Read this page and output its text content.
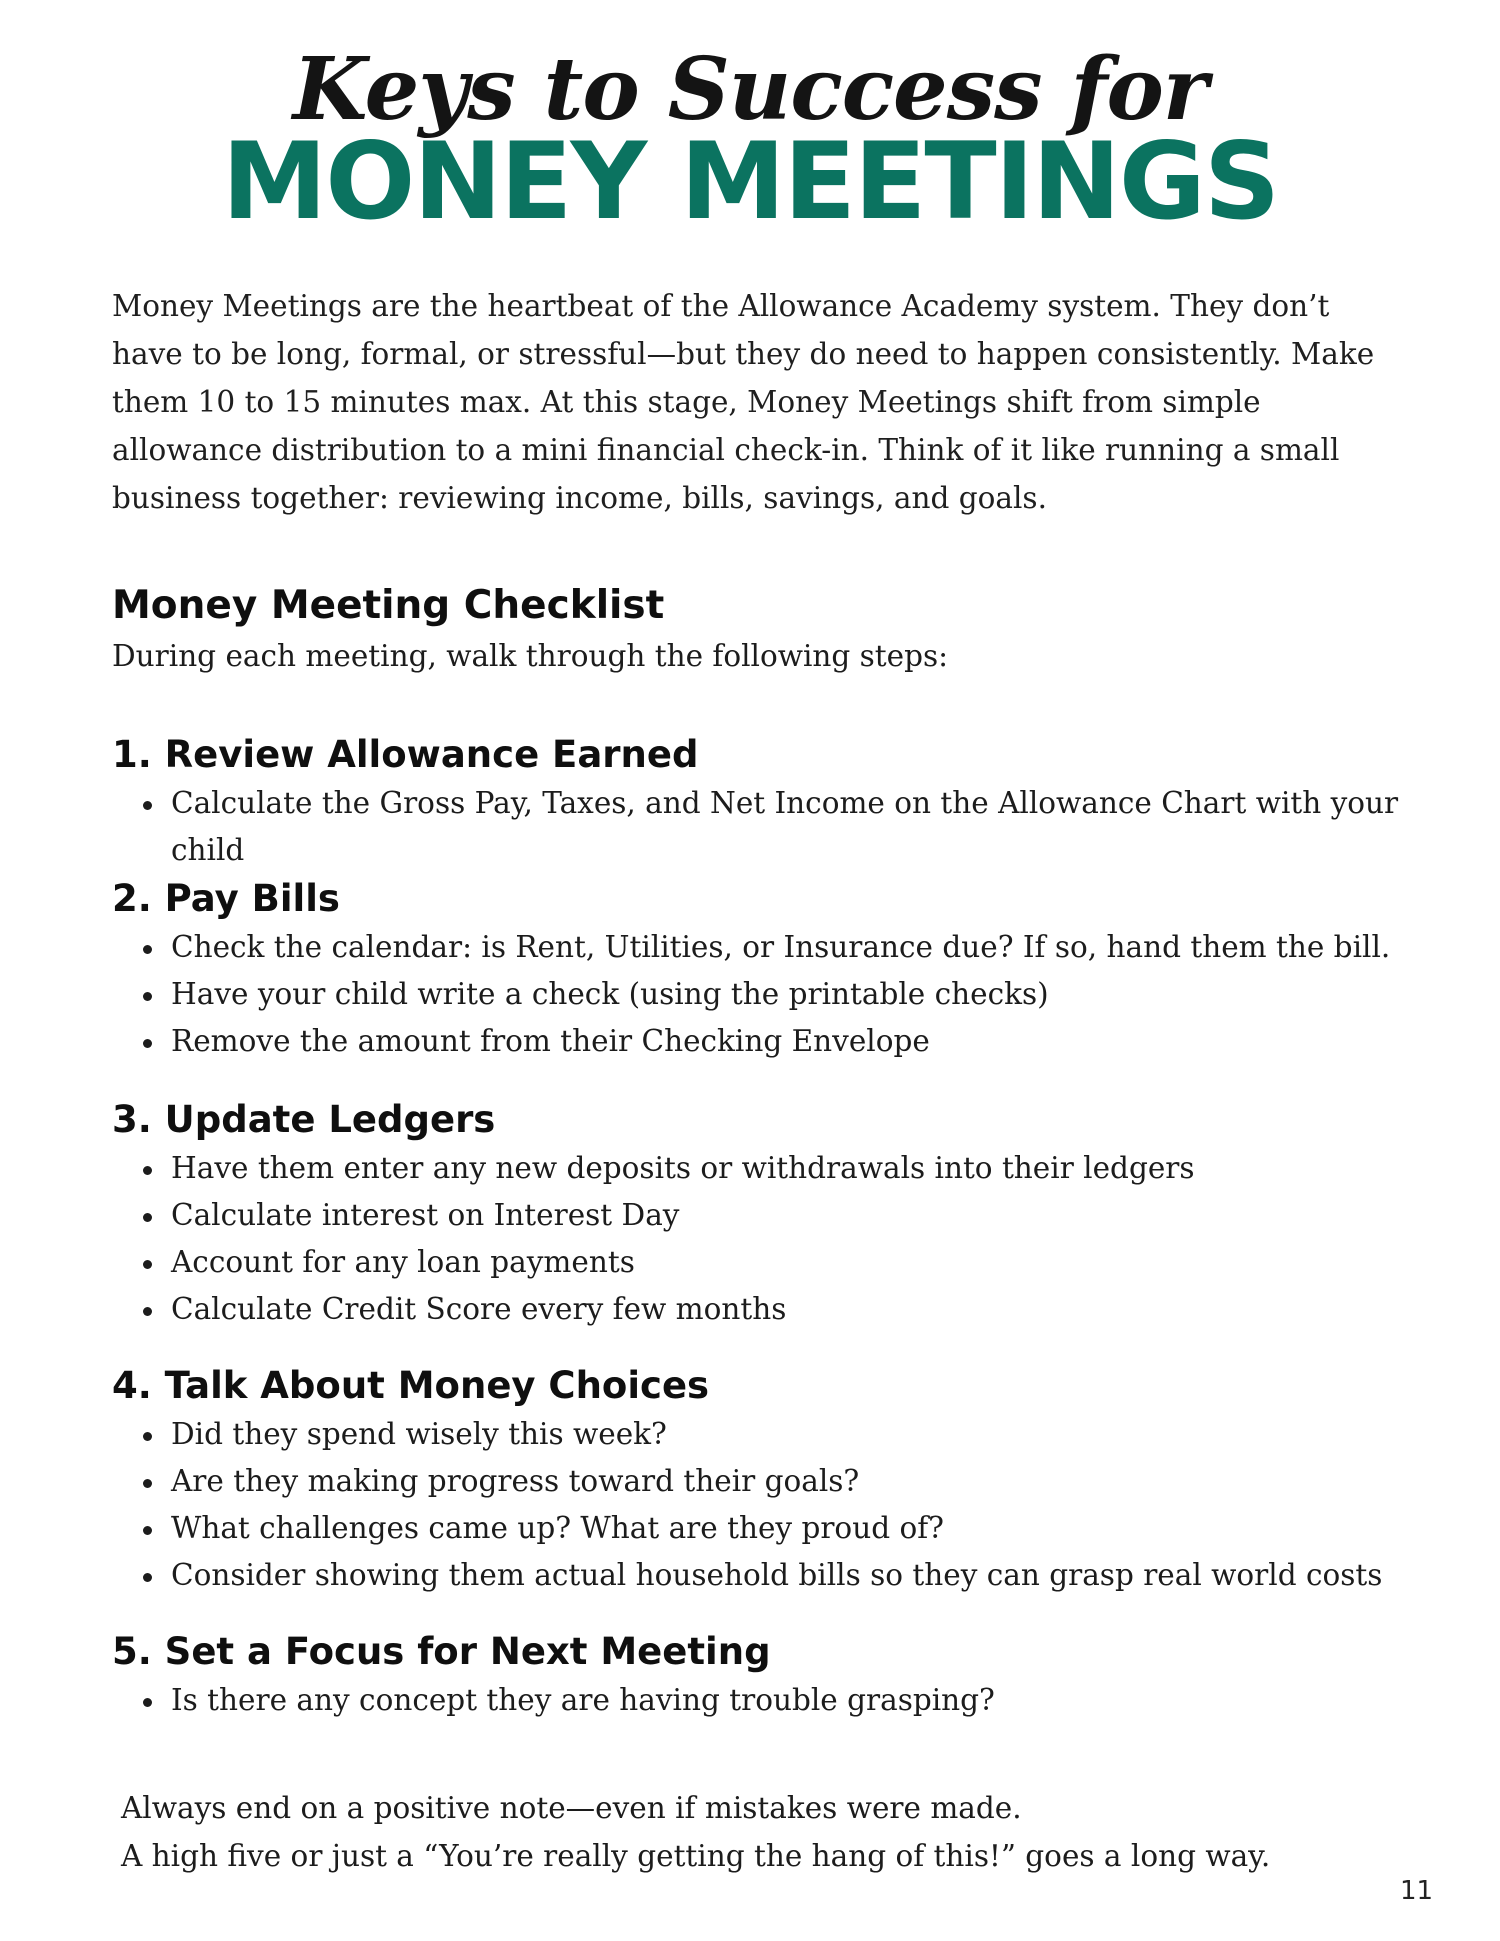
Keys to Success for
MONEY MEETINGS

Money Meetings are the heartbeat of the Allowance Academy system. They don’t have to be long, formal, or stressful—but they do need to happen consistently. Make them 10 to 15 minutes max. At this stage, Money Meetings shift from simple allowance distribution to a mini financial check-in. Think of it like running a small business together: reviewing income, bills, savings, and goals.

Money Meeting Checklist

During each meeting, walk through the following steps:

1. Review Allowance Earned
Calculate the Gross Pay, Taxes, and Net Income on the Allowance Chart with your child
2. Pay Bills
Check the calendar: is Rent, Utilities, or Insurance due? If so, hand them the bill.
Have your child write a check (using the printable checks)
Remove the amount from their Checking Envelope
3. Update Ledgers
Have them enter any new deposits or withdrawals into their ledgers
Calculate interest on Interest Day
Account for any loan payments
Calculate Credit Score every few months
4. Talk About Money Choices
Did they spend wisely this week?
Are they making progress toward their goals?
What challenges came up? What are they proud of?
Consider showing them actual household bills so they can grasp real world costs
5. Set a Focus for Next Meeting
Is there any concept they are having trouble grasping?

Always end on a positive note—even if mistakes were made.

A high five or just a “You’re really getting the hang of this!” goes a long way.

11
